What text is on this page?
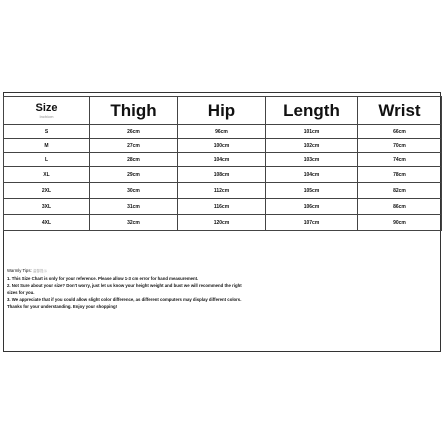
Size
Inch/cm	Thigh	Hip	Length	Wrist
S	26cm	96cm	101cm	66cm
M	27cm	100cm	102cm	70cm
L	28cm	104cm	103cm	74cm
XL	29cm	108cm	104cm	78cm
2XL	30cm	112cm	105cm	82cm
3XL	31cm	116cm	106cm	86cm
4XL	32cm	120cm	107cm	90cm
Warmly Tips: 温馨提示
1. This Size Chart is only for your reference. Please allow 1-3 cm error for hand measurement.
2. Not Sure about your size? Don't worry, just let us know your height weight and bust we will recommend the right
sizes for you.
3. We appreciate that if you could allow slight color difference, as different computers may display different colors.
Thanks for your understanding. Enjoy your shopping!
